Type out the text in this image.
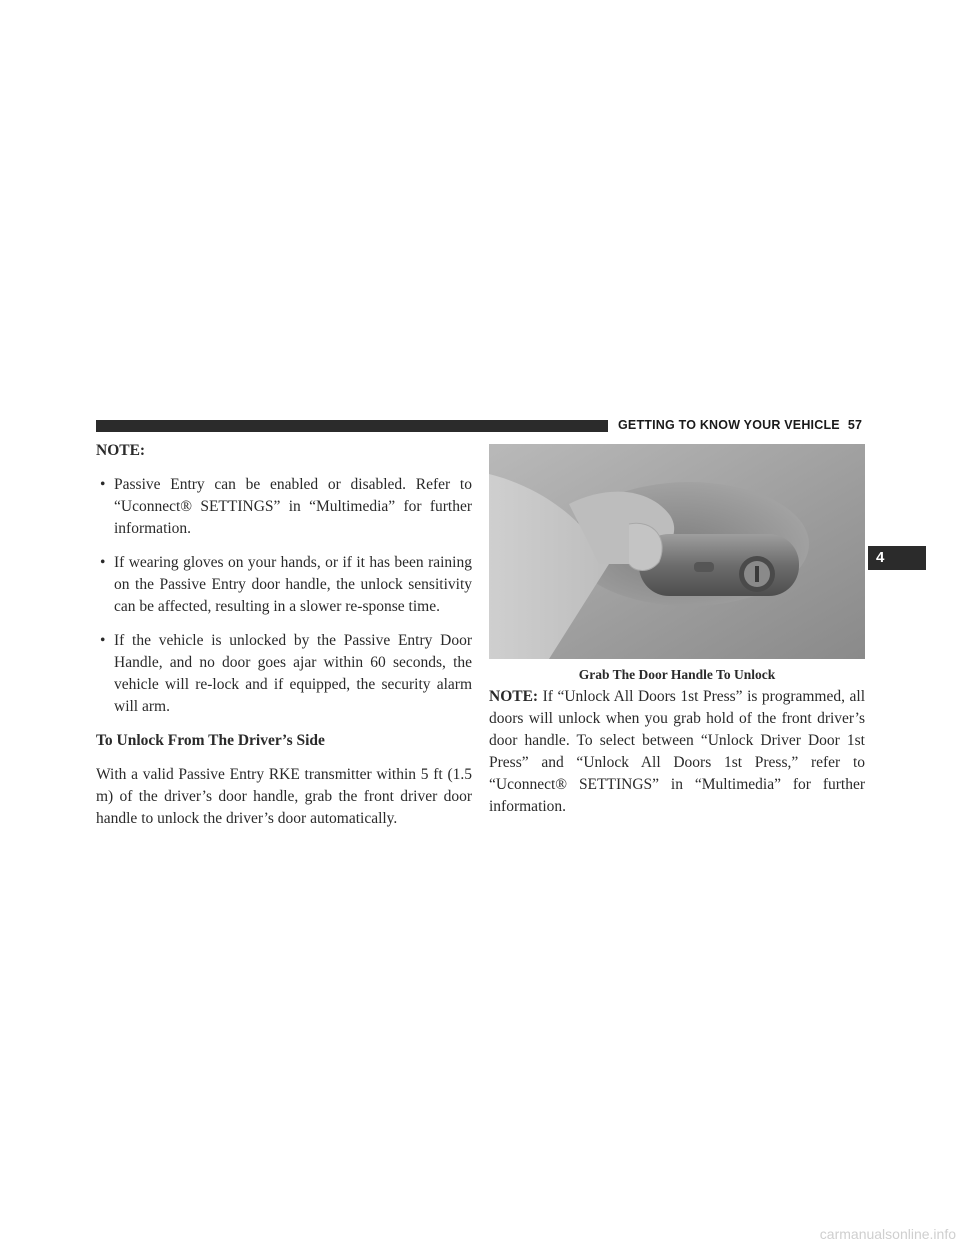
GETTING TO KNOW YOUR VEHICLE 57
4

NOTE:

• Passive Entry can be enabled or disabled. Refer to “Uconnect® SETTINGS” in “Multimedia” for further information.
• If wearing gloves on your hands, or if it has been raining on the Passive Entry door handle, the unlock sensitivity can be affected, resulting in a slower re-sponse time.
• If the vehicle is unlocked by the Passive Entry Door Handle, and no door goes ajar within 60 seconds, the vehicle will re-lock and if equipped, the security alarm will arm.

To Unlock From The Driver’s Side

With a valid Passive Entry RKE transmitter within 5 ft (1.5 m) of the driver’s door handle, grab the front driver door handle to unlock the driver’s door automatically.

Grab The Door Handle To Unlock

NOTE: If “Unlock All Doors 1st Press” is programmed, all doors will unlock when you grab hold of the front driver’s door handle. To select between “Unlock Driver Door 1st Press” and “Unlock All Doors 1st Press,” refer to “Uconnect® SETTINGS” in “Multimedia” for further information.

carmanualsonline.info
